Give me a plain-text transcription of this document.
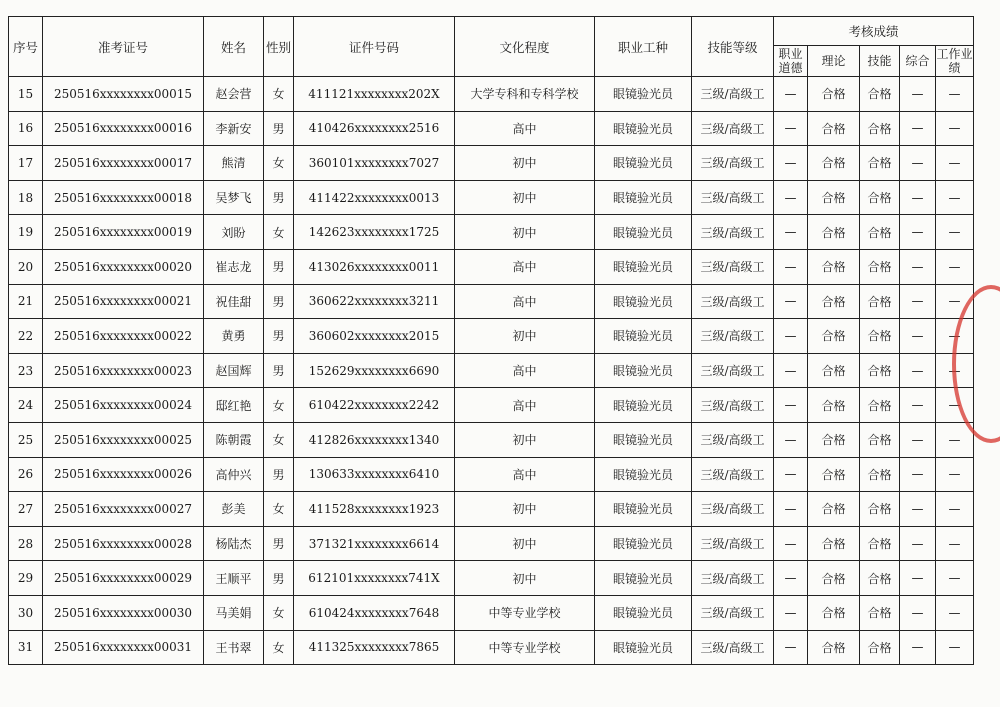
序号	准考证号	姓名	性别	证件号码	文化程度	职业工种	技能等级	考核成绩				
								职业道德	理论	技能	综合	工作业绩
15	250516xxxxxxxx00015	赵会营	女	411121xxxxxxxx202X	大学专科和专科学校	眼镜验光员	三级/高级工	—	合格	合格	—	—
16	250516xxxxxxxx00016	李新安	男	410426xxxxxxxx2516	高中	眼镜验光员	三级/高级工	—	合格	合格	—	—
17	250516xxxxxxxx00017	熊清	女	360101xxxxxxxx7027	初中	眼镜验光员	三级/高级工	—	合格	合格	—	—
18	250516xxxxxxxx00018	吴梦飞	男	411422xxxxxxxx0013	初中	眼镜验光员	三级/高级工	—	合格	合格	—	—
19	250516xxxxxxxx00019	刘盼	女	142623xxxxxxxx1725	初中	眼镜验光员	三级/高级工	—	合格	合格	—	—
20	250516xxxxxxxx00020	崔志龙	男	413026xxxxxxxx0011	高中	眼镜验光员	三级/高级工	—	合格	合格	—	—
21	250516xxxxxxxx00021	祝佳甜	男	360622xxxxxxxx3211	高中	眼镜验光员	三级/高级工	—	合格	合格	—	—
22	250516xxxxxxxx00022	黄勇	男	360602xxxxxxxx2015	初中	眼镜验光员	三级/高级工	—	合格	合格	—	—
23	250516xxxxxxxx00023	赵国辉	男	152629xxxxxxxx6690	高中	眼镜验光员	三级/高级工	—	合格	合格	—	—
24	250516xxxxxxxx00024	邸红艳	女	610422xxxxxxxx2242	高中	眼镜验光员	三级/高级工	—	合格	合格	—	—
25	250516xxxxxxxx00025	陈朝霞	女	412826xxxxxxxx1340	初中	眼镜验光员	三级/高级工	—	合格	合格	—	—
26	250516xxxxxxxx00026	高仲兴	男	130633xxxxxxxx6410	高中	眼镜验光员	三级/高级工	—	合格	合格	—	—
27	250516xxxxxxxx00027	彭美	女	411528xxxxxxxx1923	初中	眼镜验光员	三级/高级工	—	合格	合格	—	—
28	250516xxxxxxxx00028	杨陆杰	男	371321xxxxxxxx6614	初中	眼镜验光员	三级/高级工	—	合格	合格	—	—
29	250516xxxxxxxx00029	王顺平	男	612101xxxxxxxx741X	初中	眼镜验光员	三级/高级工	—	合格	合格	—	—
30	250516xxxxxxxx00030	马美娟	女	610424xxxxxxxx7648	中等专业学校	眼镜验光员	三级/高级工	—	合格	合格	—	—
31	250516xxxxxxxx00031	王书翠	女	411325xxxxxxxx7865	中等专业学校	眼镜验光员	三级/高级工	—	合格	合格	—	—
